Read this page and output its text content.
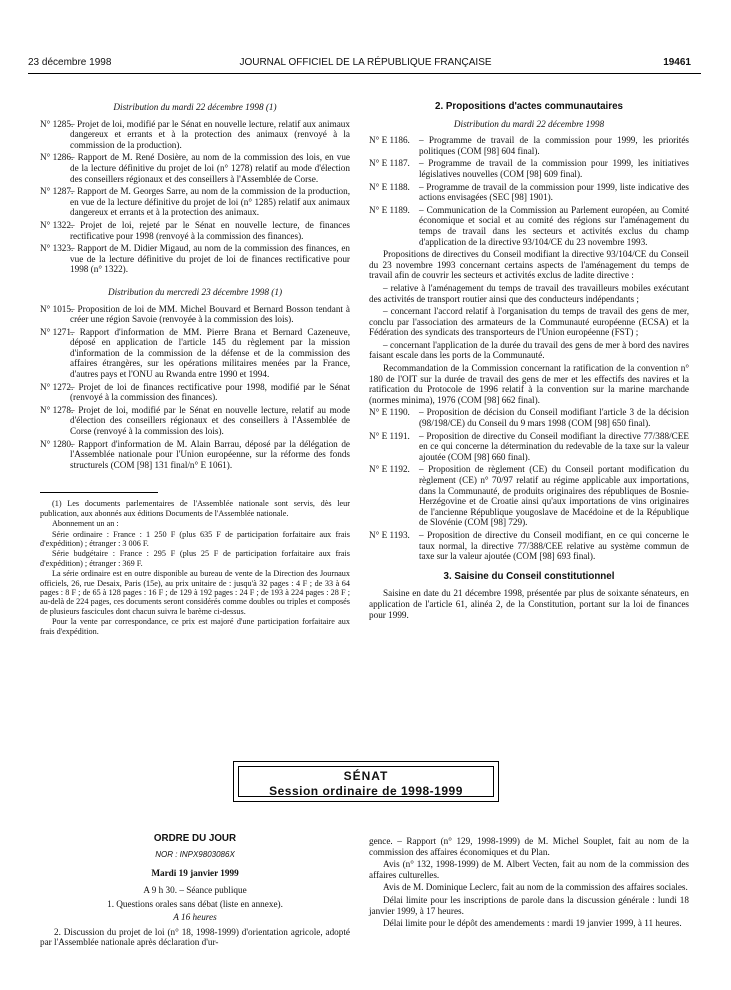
23 décembre 1998	JOURNAL OFFICIEL DE LA RÉPUBLIQUE FRANÇAISE	19461
Distribution du mardi 22 décembre 1998 (1)
N° 1285.
– Projet de loi, modifié par le Sénat en nouvelle lecture, relatif aux animaux dangereux et errants et à la protection des animaux (renvoyé à la commission de la production).
N° 1286.
– Rapport de M. René Dosière, au nom de la commission des lois, en vue de la lecture définitive du projet de loi (n° 1278) relatif au mode d'élection des conseillers régionaux et des conseillers à l'Assemblée de Corse.
N° 1287.
– Rapport de M. Georges Sarre, au nom de la commission de la production, en vue de la lecture définitive du projet de loi (n° 1285) relatif aux animaux dangereux et errants et à la protection des animaux.
N° 1322.
– Projet de loi, rejeté par le Sénat en nouvelle lecture, de finances rectificative pour 1998 (renvoyé à la commission des finances).
N° 1323.
– Rapport de M. Didier Migaud, au nom de la commission des finances, en vue de la lecture définitive du projet de loi de finances rectificative pour 1998 (n° 1322).
Distribution du mercredi 23 décembre 1998 (1)
N° 1015.
– Proposition de loi de MM. Michel Bouvard et Bernard Bosson tendant à créer une région Savoie (renvoyée à la commission des lois).
N° 1271.
– Rapport d'information de MM. Pierre Brana et Bernard Cazeneuve, déposé en application de l'article 145 du règlement par la mission d'information de la commission de la défense et de la commission des affaires étrangères, sur les opérations militaires menées par la France, d'autres pays et l'ONU au Rwanda entre 1990 et 1994.
N° 1272.
– Projet de loi de finances rectificative pour 1998, modifié par le Sénat (renvoyé à la commission des finances).
N° 1278.
– Projet de loi, modifié par le Sénat en nouvelle lecture, relatif au mode d'élection des conseillers régionaux et des conseillers à l'Assemblée de Corse (renvoyé à la commission des lois).
N° 1280.
– Rapport d'information de M. Alain Barrau, déposé par la délégation de l'Assemblée nationale pour l'Union européenne, sur la réforme des fonds structurels (COM [98] 131 final/n° E 1061).

(1) Les documents parlementaires de l'Assemblée nationale sont servis, dès leur publication, aux abonnés aux éditions Documents de l'Assemblée nationale.

Abonnement un an :

Série ordinaire : France : 1 250 F (plus 635 F de participation forfaitaire aux frais d'expédition) ; étranger : 3 006 F.

Série budgétaire : France : 295 F (plus 25 F de participation forfaitaire aux frais d'expédition) ; étranger : 369 F.

La série ordinaire est en outre disponible au bureau de vente de la Direction des Journaux officiels, 26, rue Desaix, Paris (15e), au prix unitaire de : jusqu'à 32 pages : 4 F ; de 33 à 64 pages : 8 F ; de 65 à 128 pages : 16 F ; de 129 à 192 pages : 24 F ; de 193 à 224 pages : 28 F ; au-delà de 224 pages, ces documents seront considérés comme doubles ou triples et composés de plusieurs fascicules dont chacun suivra le barème ci-dessus.

Pour la vente par correspondance, ce prix est majoré d'une participation forfaitaire aux frais d'expédition.

2. Propositions d'actes communautaires
Distribution du mardi 22 décembre 1998
N° E 1186. – Programme de travail de la commission pour 1999, les priorités politiques (COM [98] 604 final).
N° E 1187. – Programme de travail de la commission pour 1999, les initiatives législatives nouvelles (COM [98] 609 final).
N° E 1188. – Programme de travail de la commission pour 1999, liste indicative des actions envisagées (SEC [98] 1901).
N° E 1189. – Communication de la Commission au Parlement européen, au Comité économique et social et au comité des régions sur l'aménagement du temps de travail dans les secteurs et activités exclus du champ d'application de la directive 93/104/CE du 23 novembre 1993.

Propositions de directives du Conseil modifiant la directive 93/104/CE du Conseil du 23 novembre 1993 concernant certains aspects de l'aménagement du temps de travail afin de couvrir les secteurs et activités exclus de ladite directive :

– relative à l'aménagement du temps de travail des travailleurs mobiles exécutant des activités de transport routier ainsi que des conducteurs indépendants ;

– concernant l'accord relatif à l'organisation du temps de travail des gens de mer, conclu par l'association des armateurs de la Communauté européenne (ECSA) et la Fédération des syndicats des transporteurs de l'Union européenne (FST) ;

– concernant l'application de la durée du travail des gens de mer à bord des navires faisant escale dans les ports de la Communauté.

Recommandation de la Commission concernant la ratification de la convention n° 180 de l'OIT sur la durée de travail des gens de mer et les effectifs des navires et la ratification du Protocole de 1996 relatif à la convention sur la marine marchande (normes minima), 1976 (COM [98] 662 final).

N° E 1190. – Proposition de décision du Conseil modifiant l'article 3 de la décision (98/198/CE) du Conseil du 9 mars 1998 (COM [98] 650 final).
N° E 1191. – Proposition de directive du Conseil modifiant la directive 77/388/CEE en ce qui concerne la détermination du redevable de la taxe sur la valeur ajoutée (COM [98] 660 final).
N° E 1192. – Proposition de règlement (CE) du Conseil portant modification du règlement (CE) n° 70/97 relatif au régime applicable aux importations, dans la Communauté, de produits originaires des républiques de Bosnie-Herzégovine et de Croatie ainsi qu'aux importations de vins originaires de l'ancienne République yougoslave de Macédoine et de la République de Slovénie (COM [98] 729).
N° E 1193. – Proposition de directive du Conseil modifiant, en ce qui concerne le taux normal, la directive 77/388/CEE relative au système commun de taxe sur la valeur ajoutée (COM [98] 693 final).
3. Saisine du Conseil constitutionnel

Saisine en date du 21 décembre 1998, présentée par plus de soixante sénateurs, en application de l'article 61, alinéa 2, de la Constitution, portant sur la loi de finances pour 1999.

SÉNAT
Session ordinaire de 1998-1999
ORDRE DU JOUR
NOR : INPX9803086X
Mardi 19 janvier 1999
A 9 h 30. – Séance publique
1. Questions orales sans débat (liste en annexe).
A 16 heures

2. Discussion du projet de loi (n° 18, 1998-1999) d'orientation agricole, adopté par l'Assemblée nationale après déclaration d'ur-

gence. – Rapport (n° 129, 1998-1999) de M. Michel Souplet, fait au nom de la commission des affaires économiques et du Plan.

Avis (n° 132, 1998-1999) de M. Albert Vecten, fait au nom de la commission des affaires culturelles.

Avis de M. Dominique Leclerc, fait au nom de la commission des affaires sociales.

Délai limite pour les inscriptions de parole dans la discussion générale : lundi 18 janvier 1999, à 17 heures.

Délai limite pour le dépôt des amendements : mardi 19 janvier 1999, à 11 heures.
